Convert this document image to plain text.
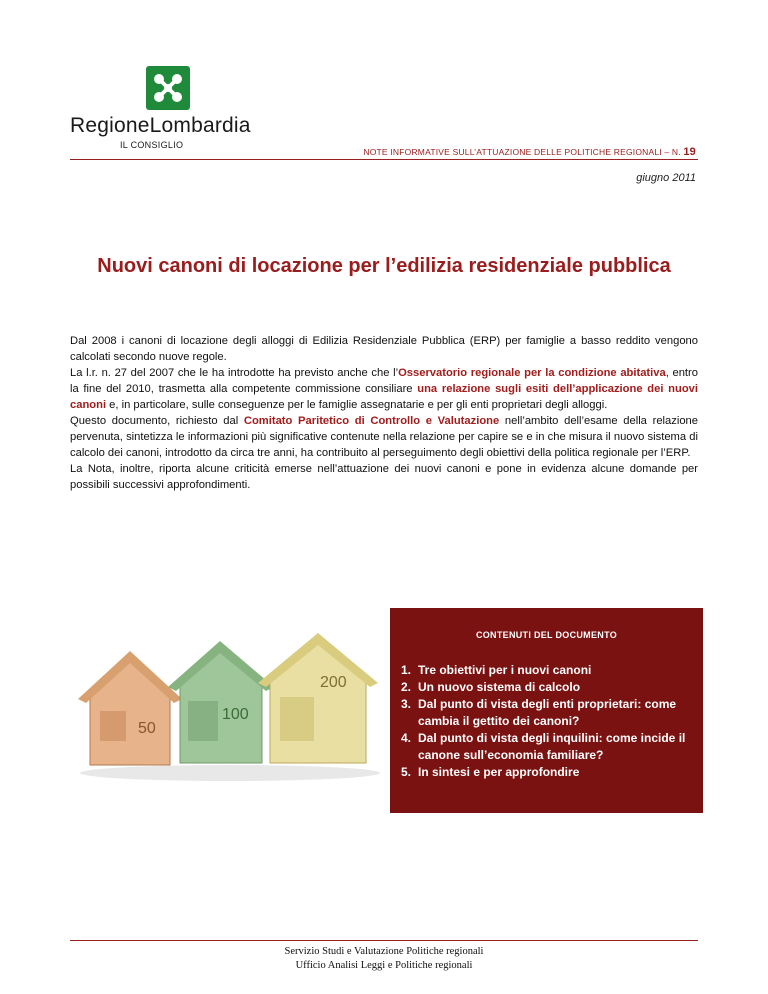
RegioneLombardia
IL CONSIGLIO
NOTE INFORMATIVE SULL’ATTUAZIONE DELLE POLITICHE REGIONALI – N. 19
giugno 2011
Nuovi canoni di locazione per l’edilizia residenziale pubblica

Dal 2008 i canoni di locazione degli alloggi di Edilizia Residenziale Pubblica (ERP) per famiglie a basso reddito vengono calcolati secondo nuove regole.

La l.r. n. 27 del 2007 che le ha introdotte ha previsto anche che l’Osservatorio regionale per la condizione abitativa, entro la fine del 2010, trasmetta alla competente commissione consiliare una relazione sugli esiti dell’applicazione dei nuovi canoni e, in particolare, sulle conseguenze per le famiglie assegnatarie e per gli enti proprietari degli alloggi.

Questo documento, richiesto dal Comitato Paritetico di Controllo e Valutazione nell’ambito dell’esame della relazione pervenuta, sintetizza le informazioni più significative contenute nella relazione per capire se e in che misura il nuovo sistema di calcolo dei canoni, introdotto da circa tre anni, ha contribuito al perseguimento degli obiettivi della politica regionale per l’ERP.

La Nota, inoltre, riporta alcune criticità emerse nell’attuazione dei nuovi canoni e pone in evidenza alcune domande per possibili successivi approfondimenti.

50
100
200
CONTENUTI DEL DOCUMENTO
1. Tre obiettivi per i nuovi canoni
2. Un nuovo sistema di calcolo
3. Dal punto di vista degli enti proprietari: come cambia il gettito dei canoni?
4. Dal punto di vista degli inquilini: come incide il canone sull’economia familiare?
5. In sintesi e per approfondire
Servizio Studi e Valutazione Politiche regionali
Ufficio Analisi Leggi e Politiche regionali
